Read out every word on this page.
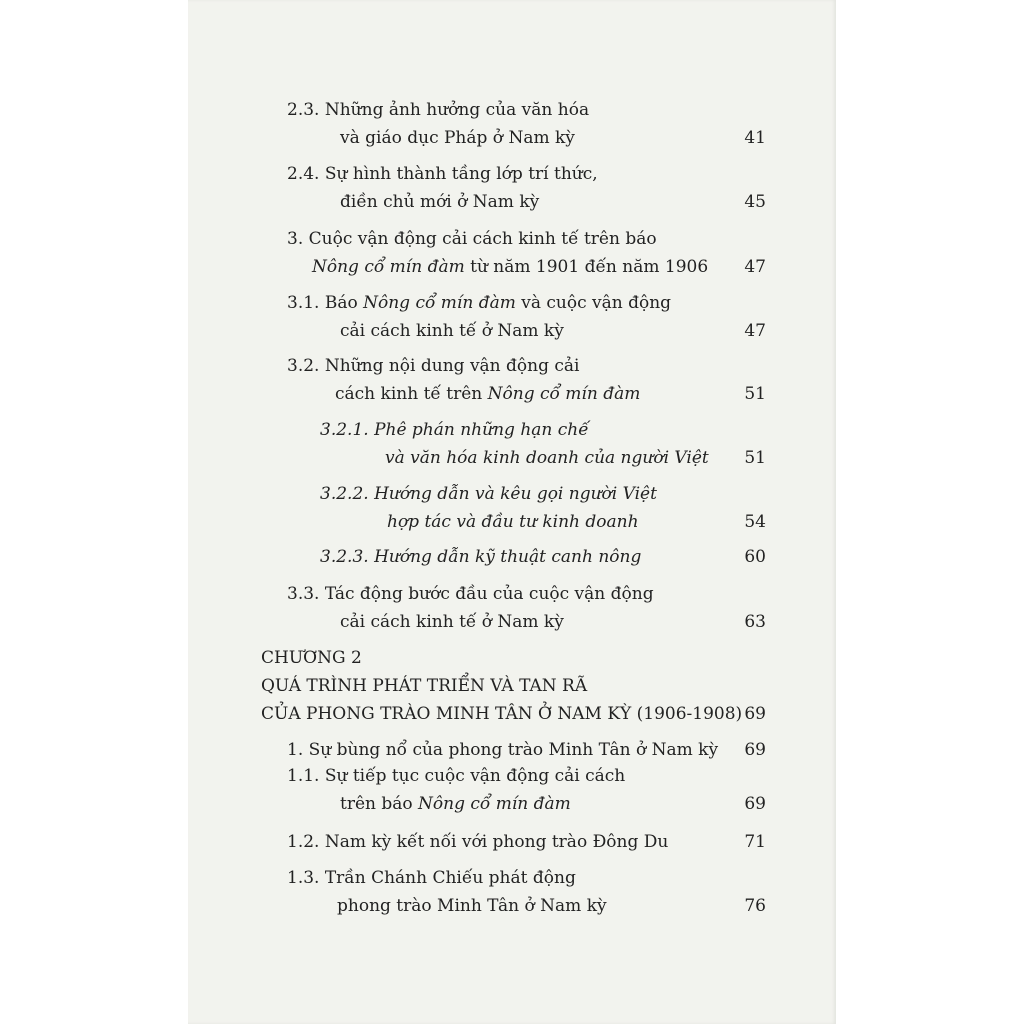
2.3. Những ảnh hưởng của văn hóa
và giáo dục Pháp ở Nam kỳ	41
2.4. Sự hình thành tầng lớp trí thức,
điền chủ mới ở Nam kỳ	45
3. Cuộc vận động cải cách kinh tế trên báo
Nông cổ mín đàm từ năm 1901 đến năm 1906 47
3.1. Báo Nông cổ mín đàm và cuộc vận động
cải cách kinh tế ở Nam kỳ	47
3.2. Những nội dung vận động cải
cách kinh tế trên Nông cổ mín đàm	51
3.2.1. Phê phán những hạn chế
và văn hóa kinh doanh của người Việt 51
3.2.2. Hướng dẫn và kêu gọi người Việt
hợp tác và đầu tư kinh doanh	54
3.2.3. Hướng dẫn kỹ thuật canh nông	60
3.3. Tác động bước đầu của cuộc vận động
cải cách kinh tế ở Nam kỳ	63
CHƯƠNG 2
QUÁ TRÌNH PHÁT TRIỂN VÀ TAN RÃ
CỦA PHONG TRÀO MINH TÂN Ở NAM KỲ (1906-1908) 69
1. Sự bùng nổ của phong trào Minh Tân ở Nam kỳ 69
1.1. Sự tiếp tục cuộc vận động cải cách
trên báo Nông cổ mín đàm	69
1.2. Nam kỳ kết nối với phong trào Đông Du	71
1.3. Trần Chánh Chiếu phát động
phong trào Minh Tân ở Nam kỳ	76
